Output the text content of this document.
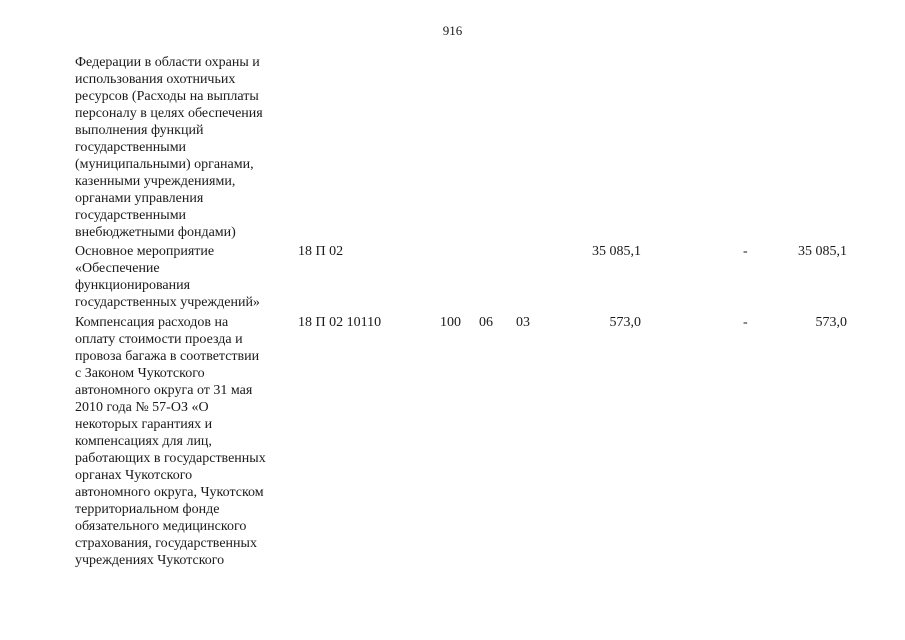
916
Федерации в области охраны и
использования охотничьих
ресурсов (Расходы на выплаты
персоналу в целях обеспечения
выполнения функций
государственными
(муниципальными) органами,
казенными учреждениями,
органами управления
государственными
внебюджетными фондами)
Основное мероприятие
«Обеспечение
функционирования
государственных учреждений»
18 П 02	35 085,1	-	35 085,1
Компенсация расходов на
оплату стоимости проезда и
провоза багажа в соответствии
с Законом Чукотского
автономного округа от 31 мая
2010 года № 57-ОЗ «О
некоторых гарантиях и
компенсациях для лиц,
работающих в государственных
органах Чукотского
автономного округа, Чукотском
территориальном фонде
обязательного медицинского
страхования, государственных
учреждениях Чукотского
18 П 02 10110	100 06 03	573,0	-	573,0
